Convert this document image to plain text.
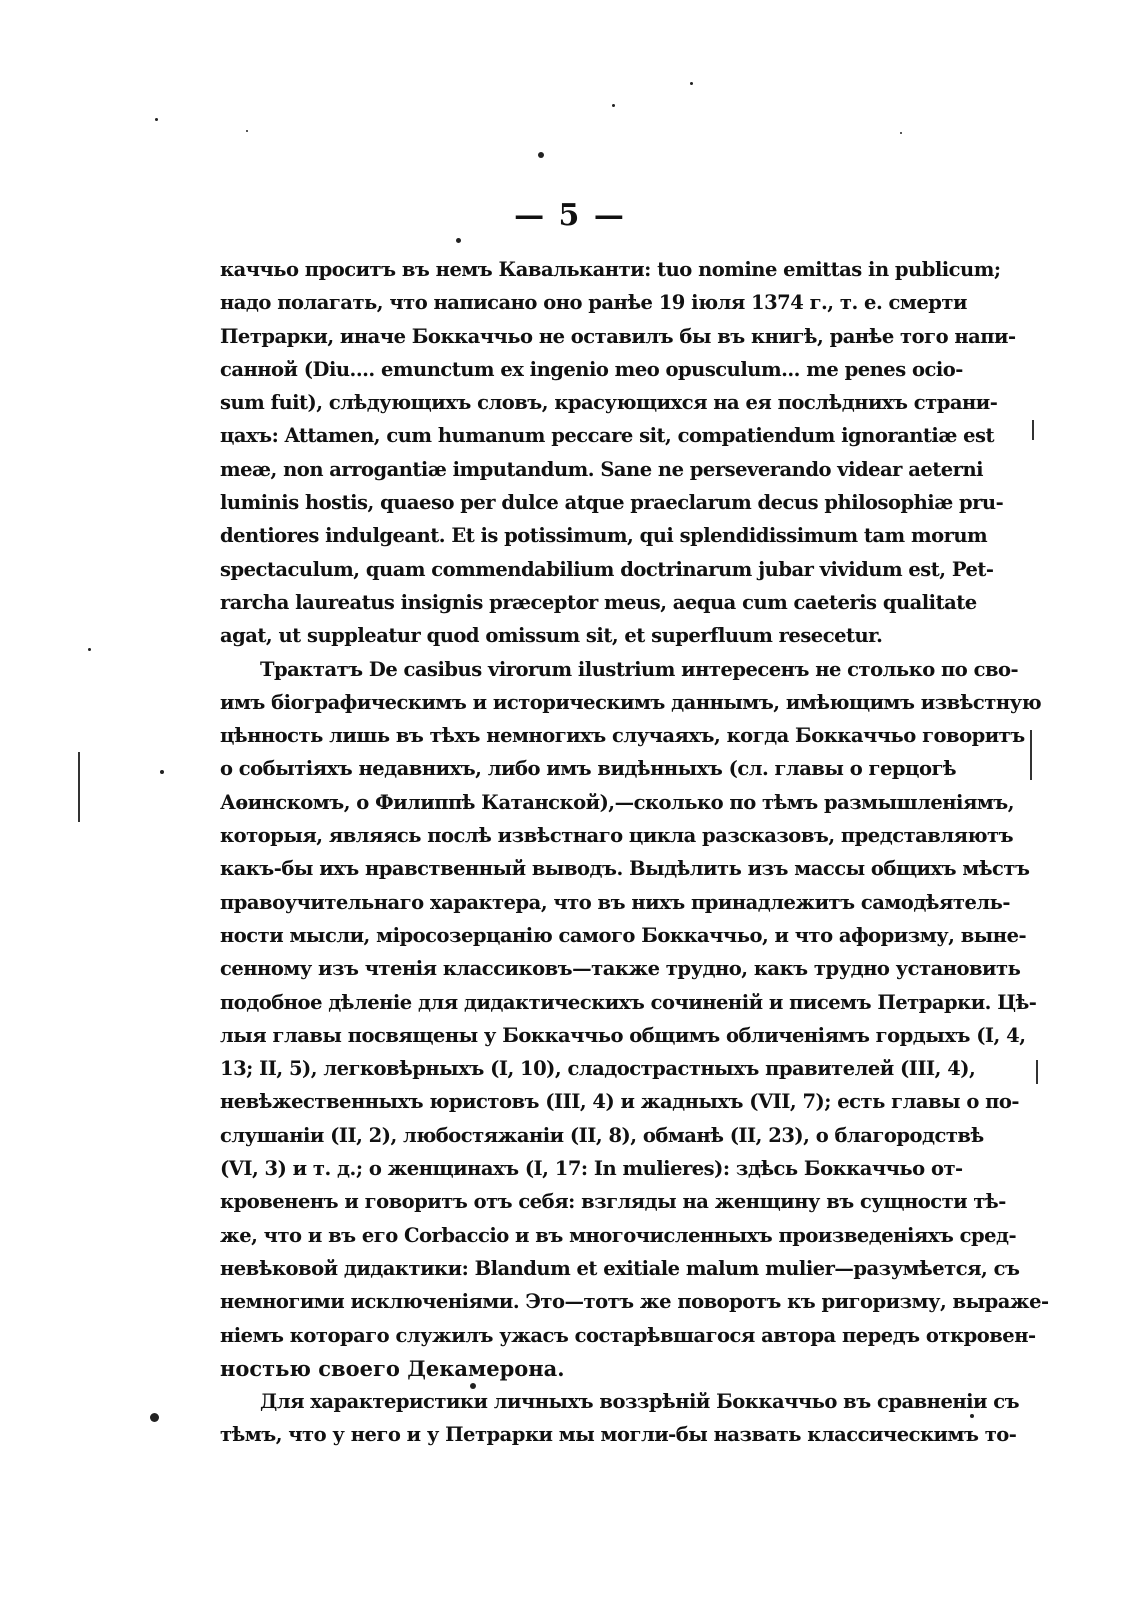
— 5 —
каччьо проситъ въ немъ Кавальканти: tuo nomine emittas in publicum;
надо полагать, что написано оно ранѣе 19 іюля 1374 г., т. е. смерти
Петрарки, иначе Боккаччьо не оставилъ бы въ книгѣ, ранѣе того напи-
санной (Diu.... emunctum ex ingenio meo opusculum... me penes ocio-
sum fuit), слѣдующихъ словъ, красующихся на ея послѣднихъ страни-
цахъ: Attamen, cum humanum peccare sit, compatiendum ignorantiæ est
meæ, non arrogantiæ imputandum. Sane ne perseverando videar aeterni
luminis hostis, quaeso per dulce atque praeclarum decus philosophiæ pru-
dentiores indulgeant. Et is potissimum, qui splendidissimum tam morum
spectaculum, quam commendabilium doctrinarum jubar vividum est, Pet-
rarcha laureatus insignis præceptor meus, aequa cum caeteris qualitate
agat, ut suppleatur quod omissum sit, et superfluum resecetur.
Трактатъ De casibus virorum ilustrium интересенъ не столько по сво-
имъ біографическимъ и историческимъ даннымъ, имѣющимъ извѣстную
цѣнность лишь въ тѣхъ немногихъ случаяхъ, когда Боккаччьо говоритъ
о событіяхъ недавнихъ, либо имъ видѣнныхъ (сл. главы о герцогѣ
Аѳинскомъ, о Филиппѣ Катанской),—сколько по тѣмъ размышленіямъ,
которыя, являясь послѣ извѣстнаго цикла разсказовъ, представляютъ
какъ-бы ихъ нравственный выводъ. Выдѣлить изъ массы общихъ мѣстъ
правоучительнаго характера, что въ нихъ принадлежитъ самодѣятель-
ности мысли, міросозерцанію самого Боккаччьо, и что афоризму, выне-
сенному изъ чтенія классиковъ—также трудно, какъ трудно установить
подобное дѣленіе для дидактическихъ сочиненій и писемъ Петрарки. Цѣ-
лыя главы посвящены у Боккаччьо общимъ обличеніямъ гордыхъ (I, 4,
13; II, 5), легковѣрныхъ (I, 10), сладострастныхъ правителей (III, 4),
невѣжественныхъ юристовъ (III, 4) и жадныхъ (VII, 7); есть главы о по-
слушаніи (II, 2), любостяжаніи (II, 8), обманѣ (II, 23), о благородствѣ
(VI, 3) и т. д.; о женщинахъ (I, 17: In mulieres): здѣсь Боккаччьо от-
кровененъ и говоритъ отъ себя: взгляды на женщину въ сущности тѣ-
же, что и въ его Corbaccio и въ многочисленныхъ произведеніяхъ сред-
невѣковой дидактики: Blandum et exitiale malum mulier—разумѣется, съ
немногими исключеніями. Это—тотъ же поворотъ къ ригоризму, выраже-
ніемъ котораго служилъ ужасъ состарѣвшагося автора передъ откровен-
ностью своего Декамерона.
Для характеристики личныхъ воззрѣній Боккаччьо въ сравненіи съ
тѣмъ, что у него и у Петрарки мы могли-бы назвать классическимъ то-
